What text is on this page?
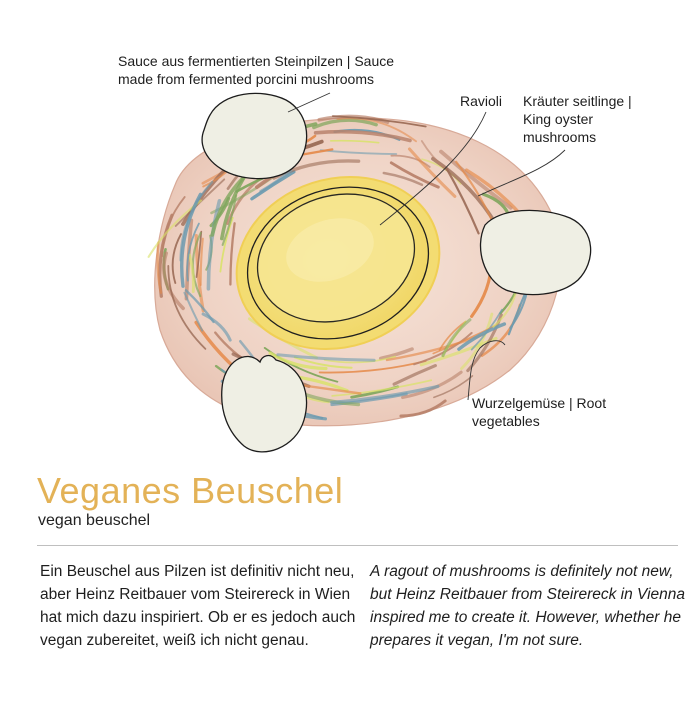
Sauce aus fermentierten Steinpilzen | Sauce
made from fermented porcini mushrooms
Ravioli Kräuter seitlinge |
King oyster
mushrooms
Wurzelgemüse | Root
vegetables
Veganes Beuschel
vegan beuschel
Ein Beuschel aus Pilzen ist definitiv nicht neu, aber Heinz Reitbauer vom Steirereck in Wien hat mich dazu inspiriert. Ob er es jedoch auch vegan zubereitet, weiß ich nicht genau.
A ragout of mushrooms is definitely not new, but Heinz Reitbauer from Steirereck in Vienna inspired me to create it. However, whether he prepares it vegan, I'm not sure.
